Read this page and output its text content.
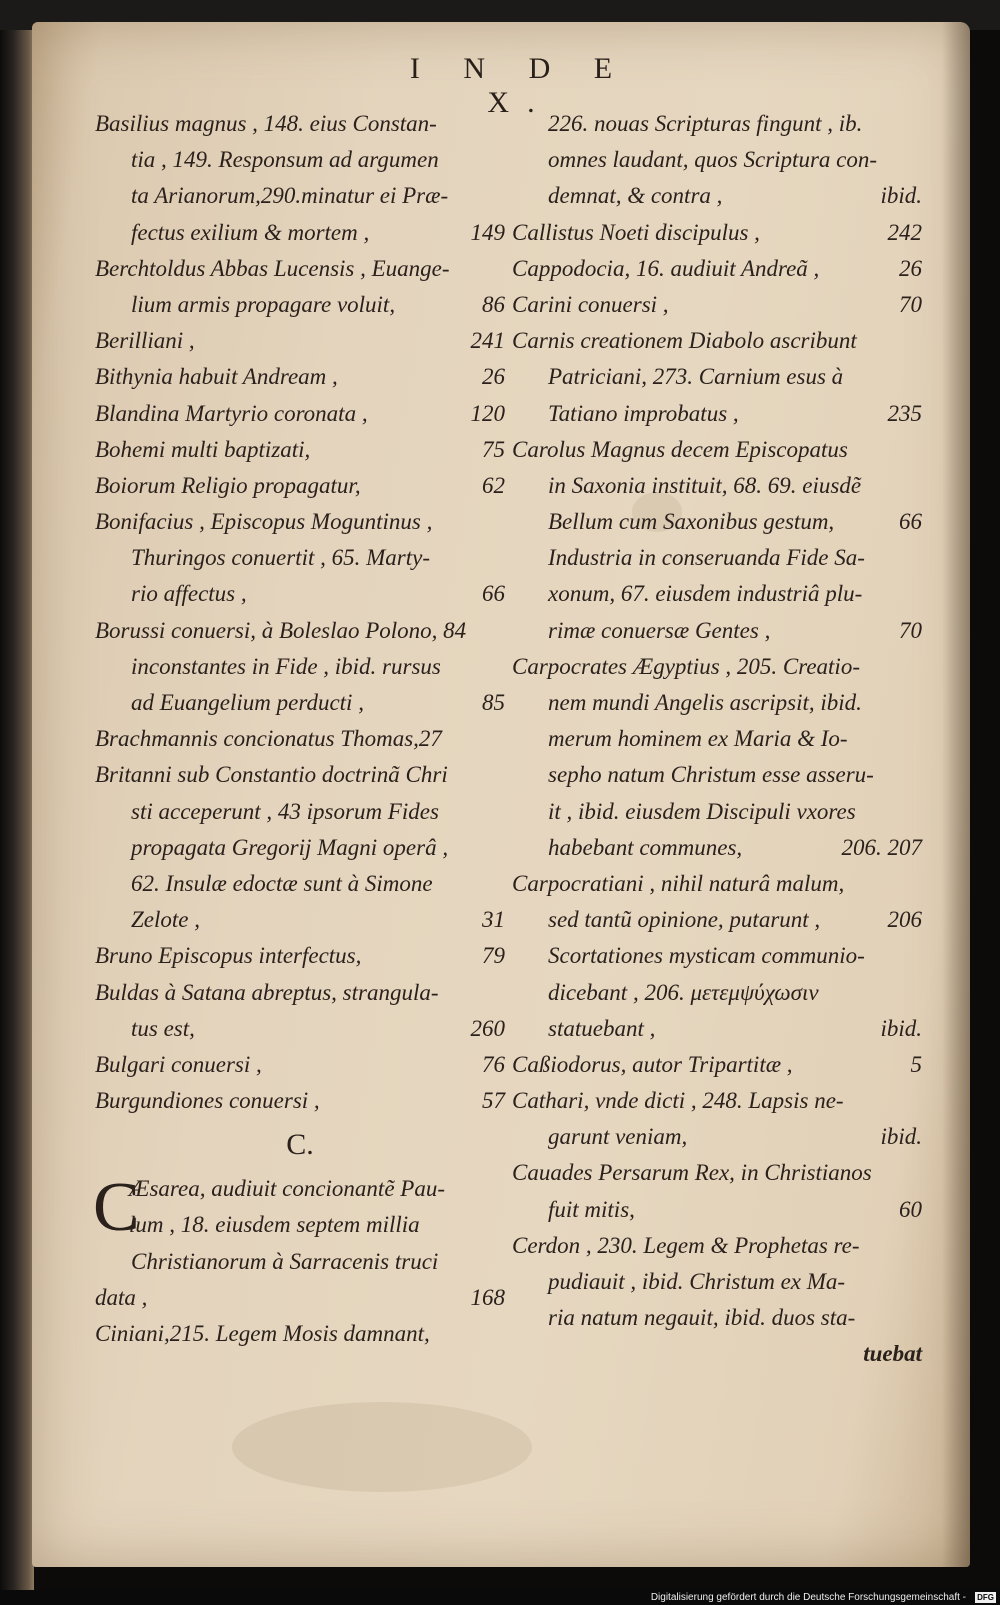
I N D E X.
Basilius magnus , 148. eius Constan-
tia , 149. Responsum ad argumen
ta Arianorum,290.minatur ei Præ-
fectus exilium & mortem ,	149
Berchtoldus Abbas Lucensis , Euange-
lium armis propagare voluit,	86
Berilliani ,	241
Bithynia habuit Andream ,	26
Blandina Martyrio coronata ,	120
Bohemi multi baptizati,	75
Boiorum Religio propagatur,	62
Bonifacius , Episcopus Moguntinus ,
Thuringos conuertit , 65. Marty-
rio affectus ,	66
Borussi conuersi, à Boleslao Polono, 84
inconstantes in Fide , ibid. rursus
ad Euangelium perducti ,	85
Brachmannis concionatus Thomas,27
Britanni sub Constantio doctrinã Chri
sti acceperunt , 43 ipsorum Fides
propagata Gregorij Magni operâ ,
62. Insulæ edoctæ sunt à Simone
Zelote ,	31
Bruno Episcopus interfectus,	79
Buldas à Satana abreptus, strangula-
tus est,	260
Bulgari conuersi ,	76
Burgundiones conuersi ,	57
C.
C
Æsarea, audiuit concionantẽ Pau-
lum , 18. eiusdem septem millia
Christianorum à Sarracenis truci
data ,	168
Ciniani,215. Legem Mosis damnant,
226. nouas Scripturas fingunt , ib.
omnes laudant, quos Scriptura con-
demnat, & contra ,	ibid.
Callistus Noeti discipulus ,	242
Cappodocia, 16. audiuit Andreã ,	26
Carini conuersi ,	70
Carnis creationem Diabolo ascribunt
Patriciani, 273. Carnium esus à
Tatiano improbatus ,	235
Carolus Magnus decem Episcopatus
in Saxonia instituit, 68. 69. eiusdẽ
Bellum cum Saxonibus gestum,	66
Industria in conseruanda Fide Sa-
xonum, 67. eiusdem industriâ plu-
rimæ conuersæ Gentes ,	70
Carpocrates Ægyptius , 205. Creatio-
nem mundi Angelis ascripsit, ibid.
merum hominem ex Maria & Io-
sepho natum Christum esse asseru-
it , ibid. eiusdem Discipuli vxores
habebant communes,	206. 207
Carpocratiani , nihil naturâ malum,
sed tantũ opinione, putarunt ,	206
Scortationes mysticam communio-
dicebant , 206. μετεμψύχωσιν
statuebant ,	ibid.
Caßiodorus, autor Tripartitæ ,	5
Cathari, vnde dicti , 248. Lapsis ne-
garunt veniam,	ibid.
Cauades Persarum Rex, in Christianos
fuit mitis,	60
Cerdon , 230. Legem & Prophetas re-
pudiauit , ibid. Christum ex Ma-
ria natum negauit, ibid. duos sta-
tuebat
Digitalisierung gefördert durch die Deutsche Forschungsgemeinschaft - DFG
